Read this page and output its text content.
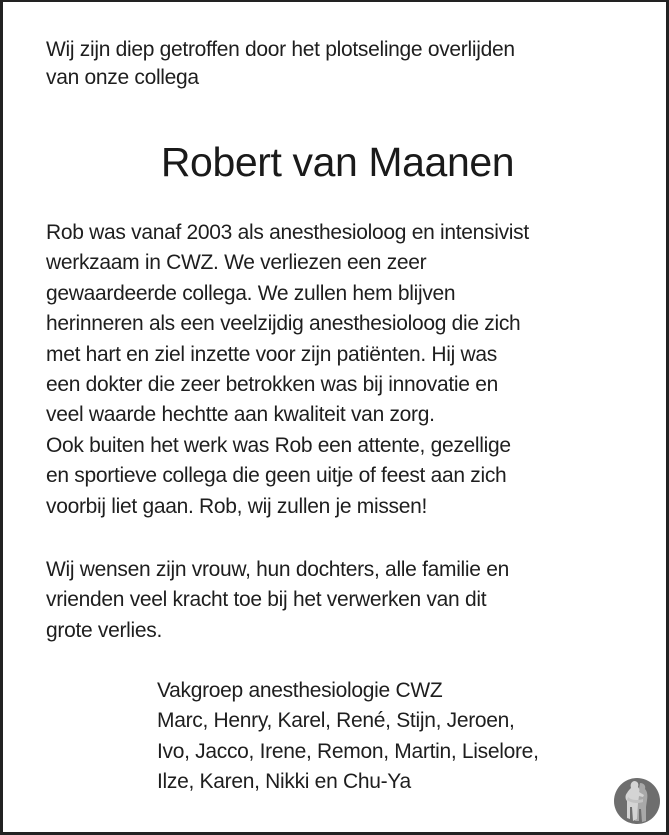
Wij zijn diep getroffen door het plotselinge overlijden
van onze collega
Robert van Maanen
Rob was vanaf 2003 als anesthesioloog en intensivist
werkzaam in CWZ. We verliezen een zeer
gewaardeerde collega. We zullen hem blijven
herinneren als een veelzijdig anesthesioloog die zich
met hart en ziel inzette voor zijn patiënten. Hij was
een dokter die zeer betrokken was bij innovatie en
veel waarde hechtte aan kwaliteit van zorg.
Ook buiten het werk was Rob een attente, gezellige
en sportieve collega die geen uitje of feest aan zich
voorbij liet gaan. Rob, wij zullen je missen!
Wij wensen zijn vrouw, hun dochters, alle familie en
vrienden veel kracht toe bij het verwerken van dit
grote verlies.
Vakgroep anesthesiologie CWZ
Marc, Henry, Karel, René, Stijn, Jeroen,
Ivo, Jacco, Irene, Remon, Martin, Liselore,
Ilze, Karen, Nikki en Chu-Ya
